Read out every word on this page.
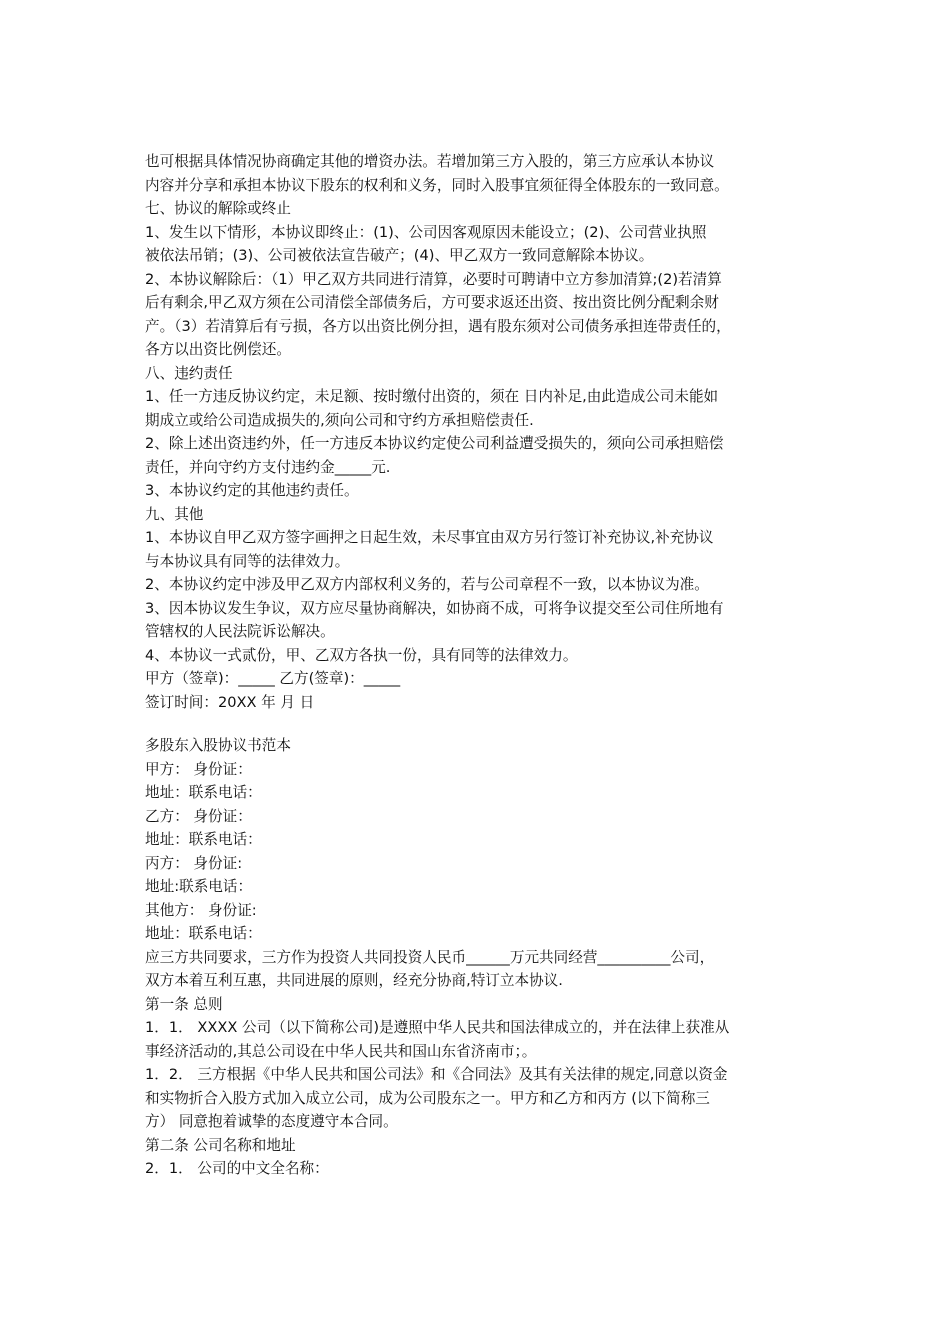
也可根据具体情况协商确定其他的增资办法。若增加第三方入股的，第三方应承认本协议

内容并分享和承担本协议下股东的权利和义务，同时入股事宜须征得全体股东的一致同意。

七、协议的解除或终止

1、发生以下情形，本协议即终止：(1)、公司因客观原因未能设立；(2)、公司营业执照

被依法吊销；(3)、公司被依法宣告破产；(4)、甲乙双方一致同意解除本协议。

2、本协议解除后：（1）甲乙双方共同进行清算，必要时可聘请中立方参加清算;(2)若清算

后有剩余,甲乙双方须在公司清偿全部债务后，方可要求返还出资、按出资比例分配剩余财

产。（3）若清算后有亏损，各方以出资比例分担，遇有股东须对公司债务承担连带责任的，

各方以出资比例偿还。

八、违约责任

1、任一方违反协议约定，未足额、按时缴付出资的，须在 日内补足,由此造成公司未能如

期成立或给公司造成损失的,须向公司和守约方承担赔偿责任.

2、除上述出资违约外，任一方违反本协议约定使公司利益遭受损失的，须向公司承担赔偿

责任，并向守约方支付违约金_____元.

3、本协议约定的其他违约责任。

九、其他

1、本协议自甲乙双方签字画押之日起生效，未尽事宜由双方另行签订补充协议,补充协议

与本协议具有同等的法律效力。

2、本协议约定中涉及甲乙双方内部权利义务的，若与公司章程不一致，以本协议为准。

3、因本协议发生争议，双方应尽量协商解决，如协商不成，可将争议提交至公司住所地有

管辖权的人民法院诉讼解决。

4、本协议一式贰份，甲、乙双方各执一份，具有同等的法律效力。

甲方（签章)：_____ 乙方(签章)：_____

签订时间：20XX 年 月 日

多股东入股协议书范本

甲方： 身份证：

地址：联系电话：

乙方： 身份证：

地址：联系电话：

丙方： 身份证:

地址:联系电话：

其他方： 身份证:

地址：联系电话：

应三方共同要求，三方作为投资人共同投资人民币______万元共同经营__________公司，

双方本着互利互惠，共同进展的原则，经充分协商,特订立本协议.

第一条 总则

1．1． XXXX 公司（以下简称公司)是遵照中华人民共和国法律成立的，并在法律上获准从

事经济活动的,其总公司设在中华人民共和国山东省济南市；。

1．2． 三方根据《中华人民共和国公司法》和《合同法》及其有关法律的规定,同意以资金

和实物折合入股方式加入成立公司，成为公司股东之一。甲方和乙方和丙方 (以下简称三

方） 同意抱着诚挚的态度遵守本合同。

第二条 公司名称和地址

2．1． 公司的中文全名称：
